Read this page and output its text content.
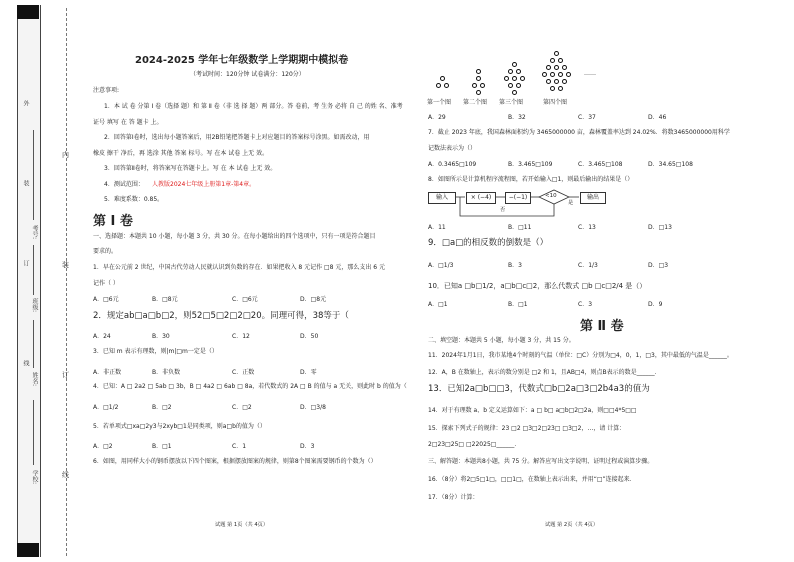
外
装
订
线
学校:
姓名:
班级:
考号:
内
装
订
线
2024-2025 学年七年级数学上学期期中模拟卷
（考试时间：120分钟 试卷满分：120分）
注意事项:
1．本 试 卷 分第 Ⅰ 卷（选择 题）和 第 Ⅱ 卷（非 选 择 题）两 部分。答 卷前，考 生务 必将 自 己 的姓 名、准考
证号 填写 在 答 题卡 上。
2．回答第Ⅰ卷时，选出每小题答案后，用2B铅笔把答题卡上对应题目的答案标号涂黑。如需改动，用
橡皮 擦干 净后，再 选涂 其他 答案 标号。写 在本 试卷 上无 效。
3．回答第Ⅱ卷时，将答案写在答题卡上。写 在 本 试卷 上无 效。
4．测试范围： 人教版2024七年级上册第1章-第4章。
5．难度系数：0.85。
第 Ⅰ 卷
一、选择题：本题共 10 小题，每小题 3 分，共 30 分。在每小题给出的四个选项中，只有一项是符合题目
要求的。
1．早在公元前 2 世纪，中国古代劳动人民就认识到负数的存在．如果把收入 8 元记作 □8 元，那么支出 6 元
记作（ ）
A．□6元	B．□8元	C．□6元	D．□8元
2．规定ab□a□b□2，则52□5□2□2□20。同理可得，38等于（
A．24	B．30	C．12	D．50
3．已知 m 表示有理数，则|m|□m一定是（）
A．非正数	B．非负数	C．正数	D．零
4．已知：A □ 2a2 □ 5ab □ 3b，B □ 4a2 □ 6ab □ 8a，若代数式的 2A □ B 的值与 a 无关，则此时 b 的值为（
A．□1/2	B．□2	C．□2	D．□3/8
5．若单项式□xa□2y3与2xyb□1是同类项，则a□b的值为（）
A．□2	B．□1	C．1	D．3
6．如图，用同样大小的钢币摆放以下四个图案，根据摆放图案的规律，则第8个图案需要钢币的个数为（）
试题 第 1页（共 4页）
……
第一个图 第二个图 第三个图	第四个图
A．29	B．32	C．37	D．46
7．截止 2023 年底，我国森林面积约为 3465000000 亩，森林覆盖率达到 24.02%．将数3465000000用科学
记数法表示为（）
A．0.3465□109	B．3.465□109	C．3.465□108	D．34.65□108
8．如图所示是计算机程序流程图，若开始输入□1，则最后输出的结果是（）
输入	× (−4)	−(−1)	<10	输出
是
否
A．11	B．□11	C．13	D．□13
9．□a□的相反数的倒数是（）
A．□1/3	B．3	C．1/3	D．□3
10．已知a □b□1/2，a□b□c□2，那么代数式 □b □c□2/4 是（）
A．□1	B．□1	C．3	D．9
第 Ⅱ 卷
二、填空题：本题共 5 小题，每小题 3 分，共 15 分。
11．2024年1月1日，我市某地4个时刻的气温（单位：□C）分别为□4，0，1，□3，其中最低的气温是______。
12．A，B 在数轴上，表示的数分别是 □2 和 1，且AB□4，则点B表示的数是______．
13．已知2a□b□□3，代数式□b□2a□3□2b4a3的值为
14．对于有理数 a、b 定义运算如下：a □ b□ a□b□2□2a，则□□4*5□□
15．探索下列式子的规律：23 □2 □3□2□23□ □3□2，…，请 计算：
2□23□25□ □22025□______．
三、解答题：本题共8小题，共 75 分。解答应写出文字说明、证明过程或演算步骤。
16．（8分）将2□5□1□，□□1□，在数轴上表示出来，并用“□”连接起来．
17．（8分）计算：
试题 第 2页（共 4页）
